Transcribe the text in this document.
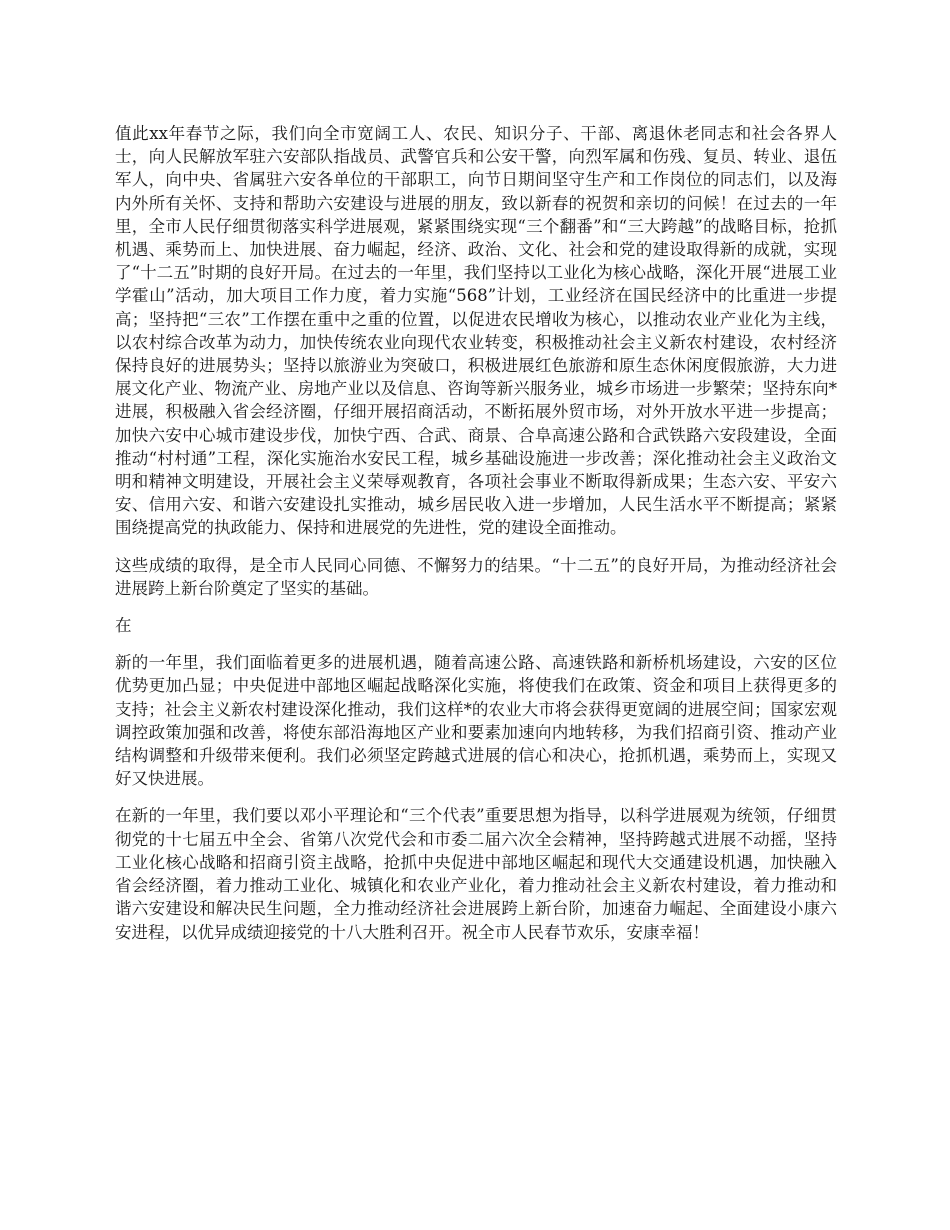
值此xx年春节之际，我们向全市宽阔工人、农民、知识分子、干部、离退休老同志和社会各界人士，向人民解放军驻六安部队指战员、武警官兵和公安干警，向烈军属和伤残、复员、转业、退伍军人，向中央、省属驻六安各单位的干部职工，向节日期间坚守生产和工作岗位的同志们，以及海内外所有关怀、支持和帮助六安建设与进展的朋友，致以新春的祝贺和亲切的问候！在过去的一年里，全市人民仔细贯彻落实科学进展观，紧紧围绕实现“三个翻番”和“三大跨越”的战略目标，抢抓机遇、乘势而上、加快进展、奋力崛起，经济、政治、文化、社会和党的建设取得新的成就，实现了“十二五”时期的良好开局。在过去的一年里，我们坚持以工业化为核心战略，深化开展“进展工业学霍山”活动，加大项目工作力度，着力实施“568”计划，工业经济在国民经济中的比重进一步提高；坚持把“三农”工作摆在重中之重的位置，以促进农民增收为核心，以推动农业产业化为主线，以农村综合改革为动力，加快传统农业向现代农业转变，积极推动社会主义新农村建设，农村经济保持良好的进展势头；坚持以旅游业为突破口，积极进展红色旅游和原生态休闲度假旅游，大力进展文化产业、物流产业、房地产业以及信息、咨询等新兴服务业，城乡市场进一步繁荣；坚持东向*进展，积极融入省会经济圈，仔细开展招商活动，不断拓展外贸市场，对外开放水平进一步提高；加快六安中心城市建设步伐，加快宁西、合武、商景、合阜高速公路和合武铁路六安段建设，全面推动“村村通”工程，深化实施治水安民工程，城乡基础设施进一步改善；深化推动社会主义政治文明和精神文明建设，开展社会主义荣辱观教育，各项社会事业不断取得新成果；生态六安、平安六安、信用六安、和谐六安建设扎实推动，城乡居民收入进一步增加，人民生活水平不断提高；紧紧围绕提高党的执政能力、保持和进展党的先进性，党的建设全面推动。

这些成绩的取得，是全市人民同心同德、不懈努力的结果。“十二五”的良好开局，为推动经济社会进展跨上新台阶奠定了坚实的基础。

在

新的一年里，我们面临着更多的进展机遇，随着高速公路、高速铁路和新桥机场建设，六安的区位优势更加凸显；中央促进中部地区崛起战略深化实施，将使我们在政策、资金和项目上获得更多的支持；社会主义新农村建设深化推动，我们这样*的农业大市将会获得更宽阔的进展空间；国家宏观调控政策加强和改善，将使东部沿海地区产业和要素加速向内地转移，为我们招商引资、推动产业结构调整和升级带来便利。我们必须坚定跨越式进展的信心和决心，抢抓机遇，乘势而上，实现又好又快进展。

在新的一年里，我们要以邓小平理论和“三个代表”重要思想为指导，以科学进展观为统领，仔细贯彻党的十七届五中全会、省第八次党代会和市委二届六次全会精神，坚持跨越式进展不动摇，坚持工业化核心战略和招商引资主战略，抢抓中央促进中部地区崛起和现代大交通建设机遇，加快融入省会经济圈，着力推动工业化、城镇化和农业产业化，着力推动社会主义新农村建设，着力推动和谐六安建设和解决民生问题，全力推动经济社会进展跨上新台阶，加速奋力崛起、全面建设小康六安进程，以优异成绩迎接党的十八大胜利召开。祝全市人民春节欢乐，安康幸福！
